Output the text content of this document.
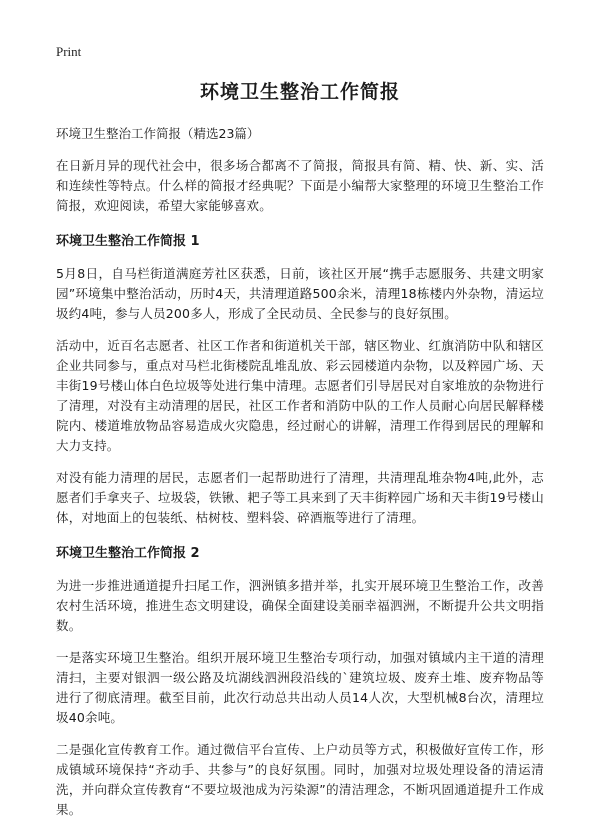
Print
环境卫生整治工作简报

环境卫生整治工作简报（精选23篇）

在日新月异的现代社会中，很多场合都离不了简报，简报具有简、精、快、新、实、活和连续性等特点。什么样的简报才经典呢？下面是小编帮大家整理的环境卫生整治工作简报，欢迎阅读，希望大家能够喜欢。

环境卫生整治工作简报 1

5月8日，自马栏街道满庭芳社区获悉，日前，该社区开展“携手志愿服务、共建文明家园”环境集中整治活动，历时4天，共清理道路500余米，清理18栋楼内外杂物，清运垃圾约4吨，参与人员200多人，形成了全民动员、全民参与的良好氛围。

活动中，近百名志愿者、社区工作者和街道机关干部，辖区物业、红旗消防中队和辖区企业共同参与，重点对马栏北街楼院乱堆乱放、彩云园楼道内杂物，以及粹园广场、天丰街19号楼山体白色垃圾等处进行集中清理。志愿者们引导居民对自家堆放的杂物进行了清理，对没有主动清理的居民，社区工作者和消防中队的工作人员耐心向居民解释楼院内、楼道堆放物品容易造成火灾隐患，经过耐心的讲解，清理工作得到居民的理解和大力支持。

对没有能力清理的居民，志愿者们一起帮助进行了清理，共清理乱堆杂物4吨,此外，志愿者们手拿夹子、垃圾袋，铁锹、耙子等工具来到了天丰街粹园广场和天丰街19号楼山体，对地面上的包装纸、枯树枝、塑料袋、碎酒瓶等进行了清理。

环境卫生整治工作简报 2

为进一步推进通道提升扫尾工作，泗洲镇多措并举，扎实开展环境卫生整治工作，改善农村生活环境，推进生态文明建设，确保全面建设美丽幸福泗洲，不断提升公共文明指数。

一是落实环境卫生整治。组织开展环境卫生整治专项行动，加强对镇域内主干道的清理清扫，主要对银泗一级公路及坑湖线泗洲段沿线的`建筑垃圾、废弃土堆、废弃物品等进行了彻底清理。截至目前，此次行动总共出动人员14人次，大型机械8台次，清理垃圾40余吨。

二是强化宣传教育工作。通过微信平台宣传、上户动员等方式，积极做好宣传工作，形成镇域环境保持“齐动手、共参与”的良好氛围。同时，加强对垃圾处理设备的清运清洗，并向群众宣传教育“不要垃圾池成为污染源”的清洁理念，不断巩固通道提升工作成果。
